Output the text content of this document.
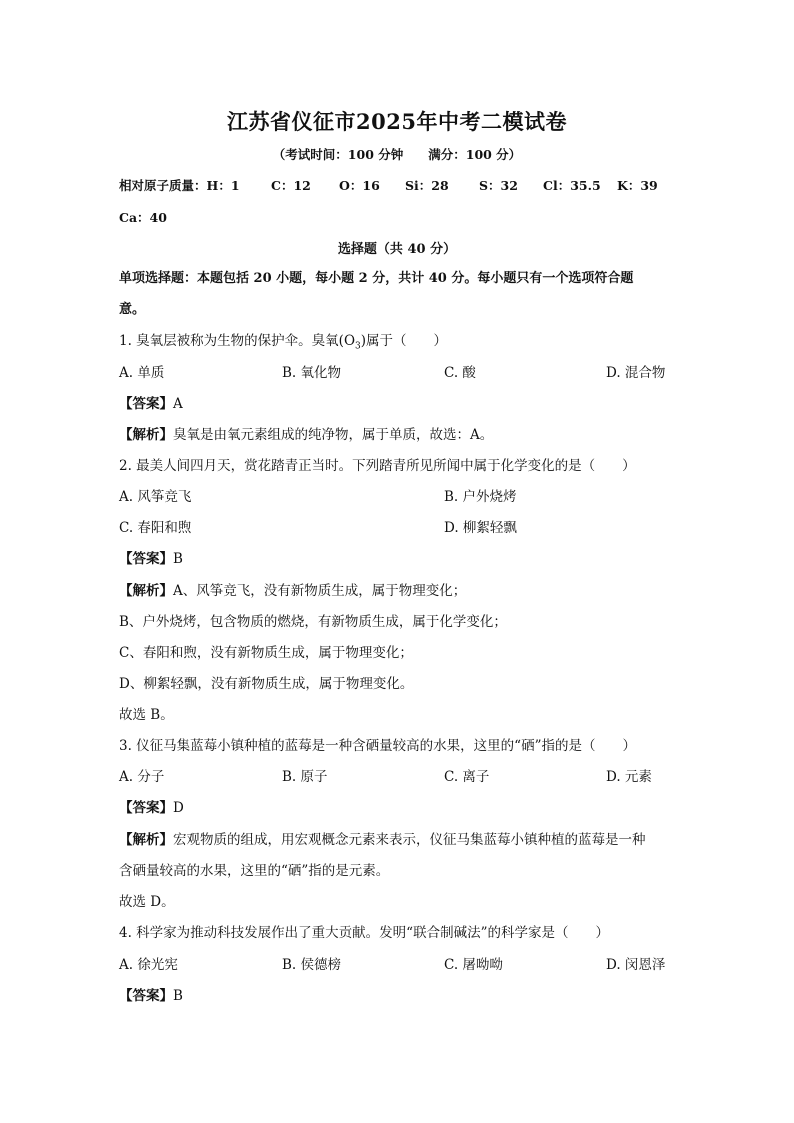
江苏省仪征市2025年中考二模试卷
（考试时间：100 分钟　　满分：100 分）
相对原子质量：H：1	C：12 O：16 Si：28 S：32 Cl：35.5 K：39
Ca：40
选择题（共 40 分）
单项选择题：本题包括 20 小题，每小题 2 分，共计 40 分。每小题只有一个选项符合题
意。
1. 臭氧层被称为生物的保护伞。臭氧$(O_3)$属于（　　）
A. 单质	B. 氧化物	C. 酸	D. 混合物
【答案】A
【解析】臭氧是由氧元素组成的纯净物，属于单质，故选：A。
2. 最美人间四月天，赏花踏青正当时。下列踏青所见所闻中属于化学变化的是（　　）
A. 风筝竞飞	B. 户外烧烤
C. 春阳和煦	D. 柳絮轻飘
【答案】B
【解析】A、风筝竞飞，没有新物质生成，属于物理变化；
B、户外烧烤，包含物质的燃烧，有新物质生成，属于化学变化；
C、春阳和煦，没有新物质生成，属于物理变化；
D、柳絮轻飘，没有新物质生成，属于物理变化。
故选 B。
3. 仪征马集蓝莓小镇种植的蓝莓是一种含硒量较高的水果，这里的“硒”指的是（　　）
A. 分子	B. 原子	C. 离子	D. 元素
【答案】D
【解析】宏观物质的组成，用宏观概念元素来表示，仪征马集蓝莓小镇种植的蓝莓是一种
含硒量较高的水果，这里的“硒”指的是元素。
故选 D。
4. 科学家为推动科技发展作出了重大贡献。发明“联合制碱法”的科学家是（　　）
A. 徐光宪	B. 侯德榜	C. 屠呦呦	D. 闵恩泽
【答案】B
